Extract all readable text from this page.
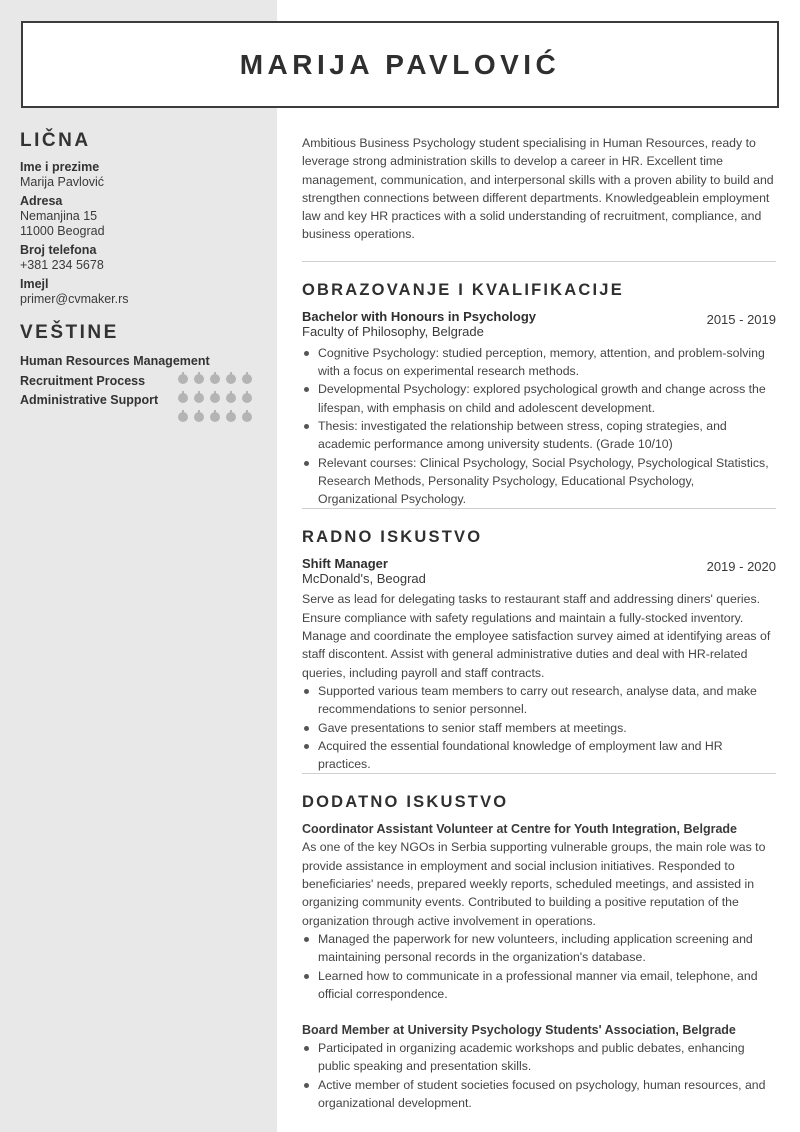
MARIJA PAVLOVIĆ
LIČNA
Ime i prezime
Marija Pavlović
Adresa
Nemanjina 15
11000 Beograd
Broj telefona
+381 234 5678
Imejl
primer@cvmaker.rs
VEŠTINE
Human Resources Management
Recruitment Process
Administrative Support

Ambitious Business Psychology student specialising in Human Resources, ready to leverage strong administration skills to develop a career in HR. Excellent time management, communication, and interpersonal skills with a proven ability to build and strengthen connections between different departments. Knowledgeablein employment law and key HR practices with a solid understanding of recruitment, compliance, and business operations.

OBRAZOVANJE I KVALIFIKACIJE
Bachelor with Honours in Psychology
Faculty of Philosophy, Belgrade
2015 - 2019
Cognitive Psychology: studied perception, memory, attention, and problem-solving with a focus on experimental research methods.
Developmental Psychology: explored psychological growth and change across the lifespan, with emphasis on child and adolescent development.
Thesis: investigated the relationship between stress, coping strategies, and academic performance among university students. (Grade 10/10)
Relevant courses: Clinical Psychology, Social Psychology, Psychological Statistics, Research Methods, Personality Psychology, Educational Psychology, Organizational Psychology.
RADNO ISKUSTVO
Shift Manager
McDonald's, Beograd
2019 - 2020

Serve as lead for delegating tasks to restaurant staff and addressing diners' queries. Ensure compliance with safety regulations and maintain a fully-stocked inventory. Manage and coordinate the employee satisfaction survey aimed at identifying areas of staff discontent. Assist with general administrative duties and deal with HR-related queries, including payroll and staff contracts.

Supported various team members to carry out research, analyse data, and make recommendations to senior personnel.
Gave presentations to senior staff members at meetings.
Acquired the essential foundational knowledge of employment law and HR practices.
DODATNO ISKUSTVO
Coordinator Assistant Volunteer at Centre for Youth Integration, Belgrade

As one of the key NGOs in Serbia supporting vulnerable groups, the main role was to provide assistance in employment and social inclusion initiatives. Responded to beneficiaries' needs, prepared weekly reports, scheduled meetings, and assisted in organizing community events. Contributed to building a positive reputation of the organization through active involvement in operations.

Managed the paperwork for new volunteers, including application screening and maintaining personal records in the organization's database.
Learned how to communicate in a professional manner via email, telephone, and official correspondence.
Board Member at University Psychology Students' Association, Belgrade
Participated in organizing academic workshops and public debates, enhancing public speaking and presentation skills.
Active member of student societies focused on psychology, human resources, and organizational development.
